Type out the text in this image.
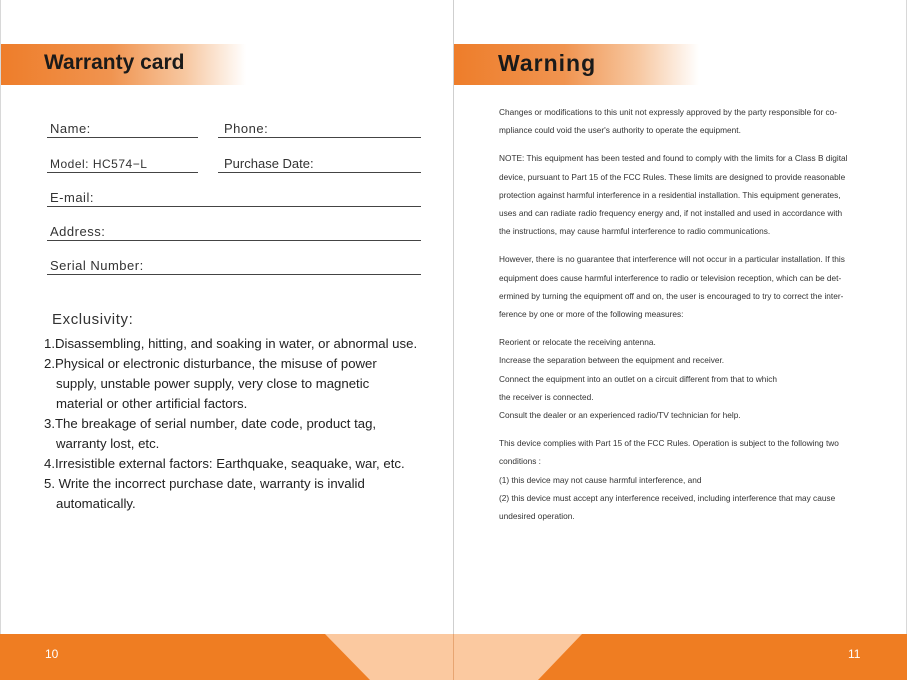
Warranty card
Name:	Phone:
Model: HC574−L	Purchase Date:
E-mail:
Address:
Serial Number:
Exclusivity:
1.Disassembling, hitting, and soaking in water, or abnormal use.
2.Physical or electronic disturbance, the misuse of power
supply, unstable power supply, very close to magnetic
material or other artificial factors.
3.The breakage of serial number, date code, product tag,
warranty lost, etc.
4.Irresistible external factors: Earthquake, seaquake, war, etc.
5. Write the incorrect purchase date, warranty is invalid
automatically.
Warning

Changes or modifications to this unit not expressly approved by the party responsible for co-

mpliance could void the user's authority to operate the equipment.

NOTE: This equipment has been tested and found to comply with the limits for a Class B digital

device, pursuant to Part 15 of the FCC Rules. These limits are designed to provide reasonable

protection against harmful interference in a residential installation. This equipment generates,

uses and can radiate radio frequency energy and, if not installed and used in accordance with

the instructions, may cause harmful interference to radio communications.

However, there is no guarantee that interference will not occur in a particular installation. If this

equipment does cause harmful interference to radio or television reception, which can be det-

ermined by turning the equipment off and on, the user is encouraged to try to correct the inter-

ference by one or more of the following measures:

Reorient or relocate the receiving antenna.

Increase the separation between the equipment and receiver.

Connect the equipment into an outlet on a circuit different from that to which

the receiver is connected.

Consult the dealer or an experienced radio/TV technician for help.

This device complies with Part 15 of the FCC Rules. Operation is subject to the following two

conditions :

(1) this device may not cause harmful interference, and

(2) this device must accept any interference received, including interference that may cause

undesired operation.

10	11
